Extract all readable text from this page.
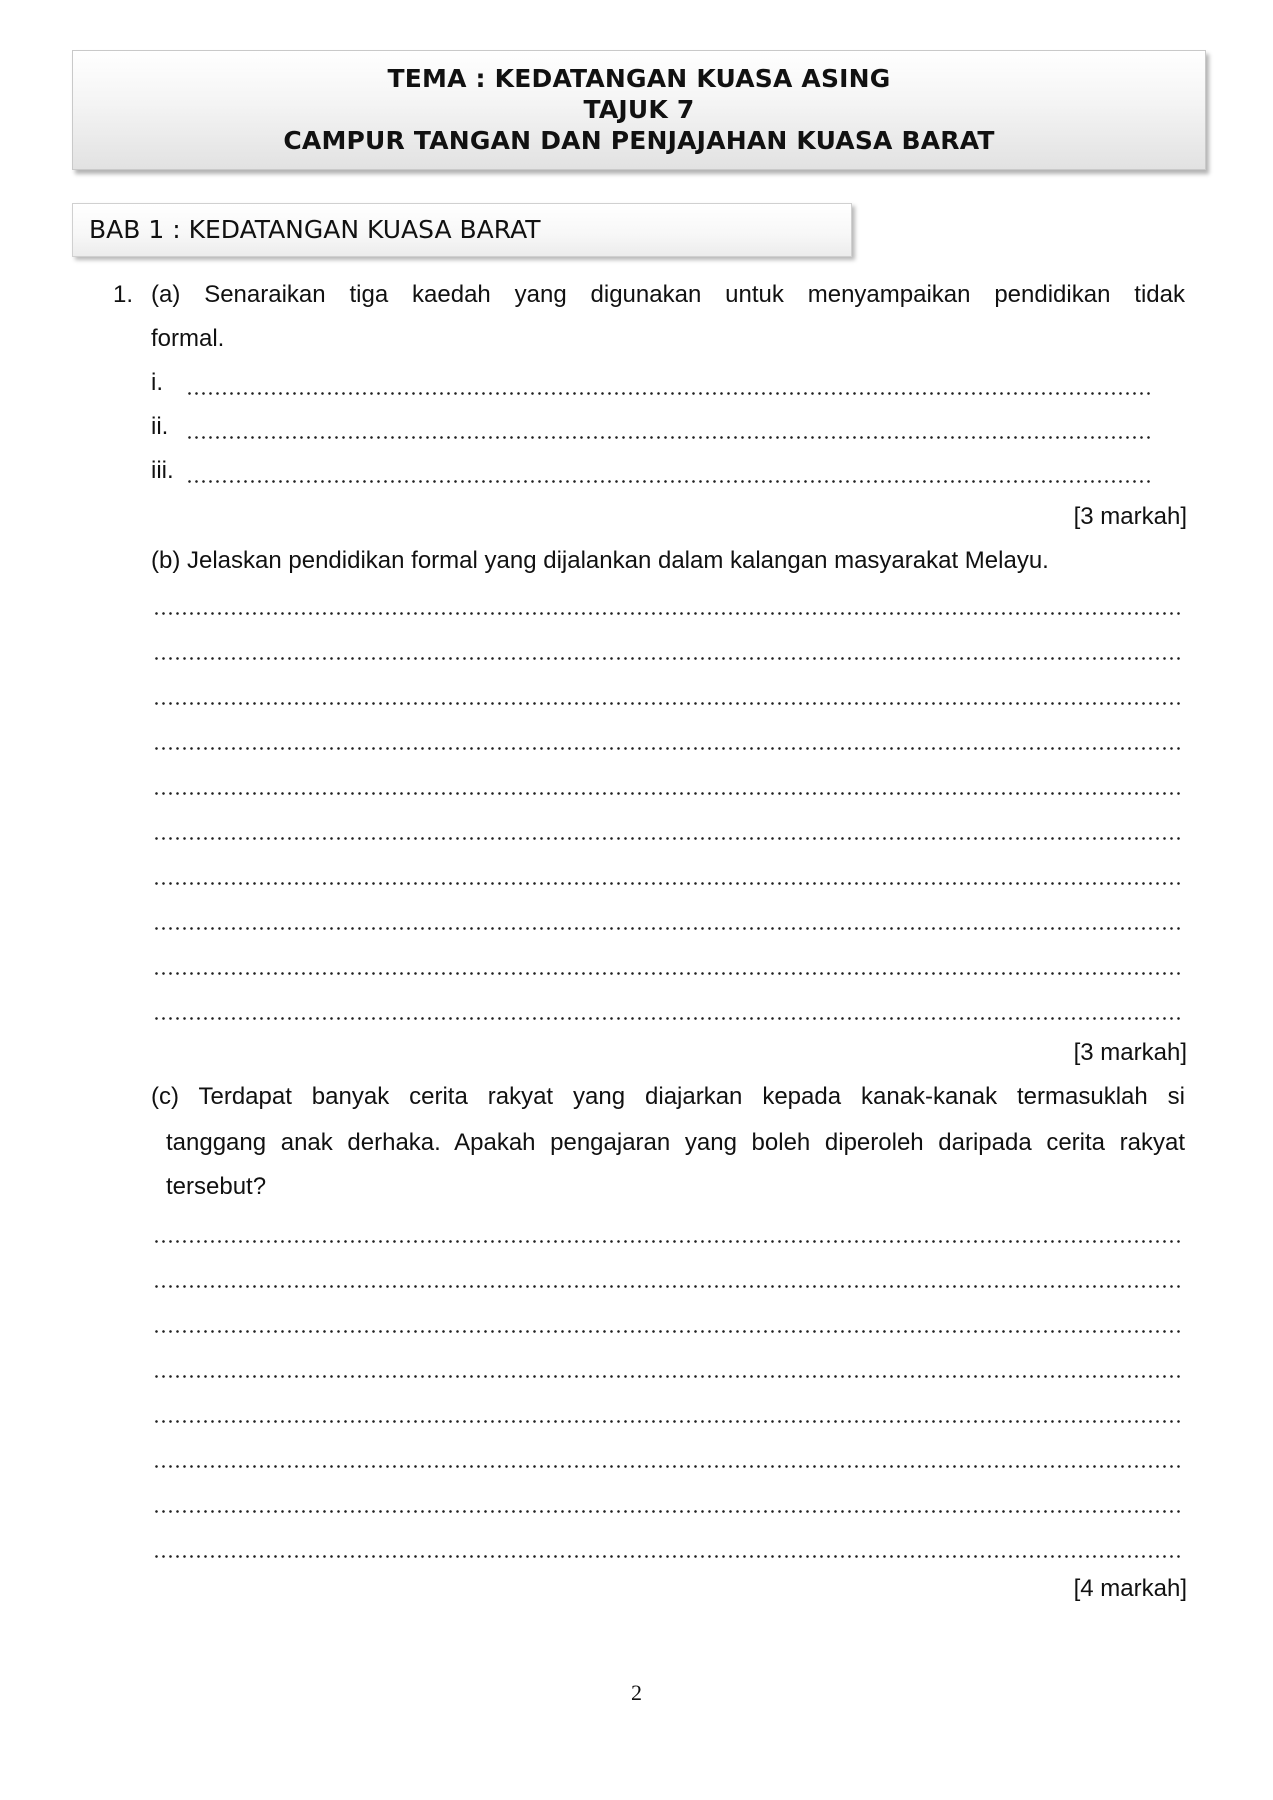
TEMA : KEDATANGAN KUASA ASING
TAJUK 7
CAMPUR TANGAN DAN PENJAJAHAN KUASA BARAT
BAB 1 : KEDATANGAN KUASA BARAT
1. (a) Senaraikan tiga kaedah yang digunakan untuk menyampaikan pendidikan tidak
formal.
i.
ii.
iii.
[3 markah]
(b) Jelaskan pendidikan formal yang dijalankan dalam kalangan masyarakat Melayu.
[3 markah]
(c) Terdapat banyak cerita rakyat yang diajarkan kepada kanak-kanak termasuklah si
tanggang anak derhaka. Apakah pengajaran yang boleh diperoleh daripada cerita rakyat
tersebut?
[4 markah]
2
